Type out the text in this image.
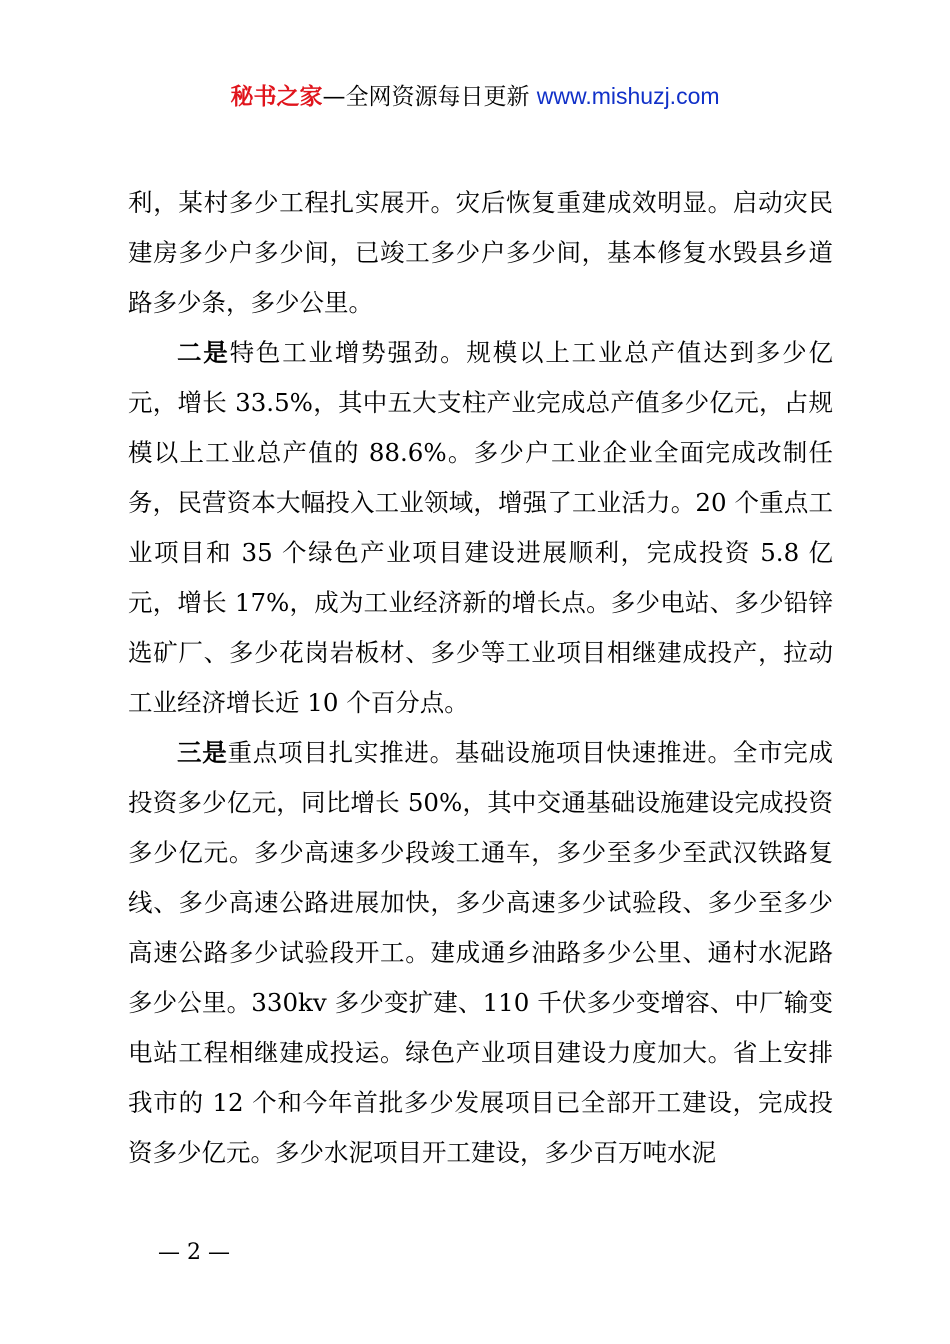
秘书之家—全网资源每日更新 www.mishuzj.com

利，某村多少工程扎实展开。灾后恢复重建成效明显。启动灾民建房多少户多少间，已竣工多少户多少间，基本修复水毁县乡道路多少条，多少公里。

二是特色工业增势强劲。规模以上工业总产值达到多少亿元，增长 33.5%，其中五大支柱产业完成总产值多少亿元，占规模以上工业总产值的 88.6%。多少户工业企业全面完成改制任务，民营资本大幅投入工业领域，增强了工业活力。20 个重点工业项目和 35 个绿色产业项目建设进展顺利，完成投资 5.8 亿元，增长 17%，成为工业经济新的增长点。多少电站、多少铅锌选矿厂、多少花岗岩板材、多少等工业项目相继建成投产，拉动工业经济增长近 10 个百分点。

三是重点项目扎实推进。基础设施项目快速推进。全市完成投资多少亿元，同比增长 50%，其中交通基础设施建设完成投资多少亿元。多少高速多少段竣工通车，多少至多少至武汉铁路复线、多少高速公路进展加快，多少高速多少试验段、多少至多少高速公路多少试验段开工。建成通乡油路多少公里、通村水泥路多少公里。330kv 多少变扩建、110 千伏多少变增容、中厂输变电站工程相继建成投运。绿色产业项目建设力度加大。省上安排我市的 12 个和今年首批多少发展项目已全部开工建设，完成投资多少亿元。多少水泥项目开工建设，多少百万吨水泥

— 2 —
